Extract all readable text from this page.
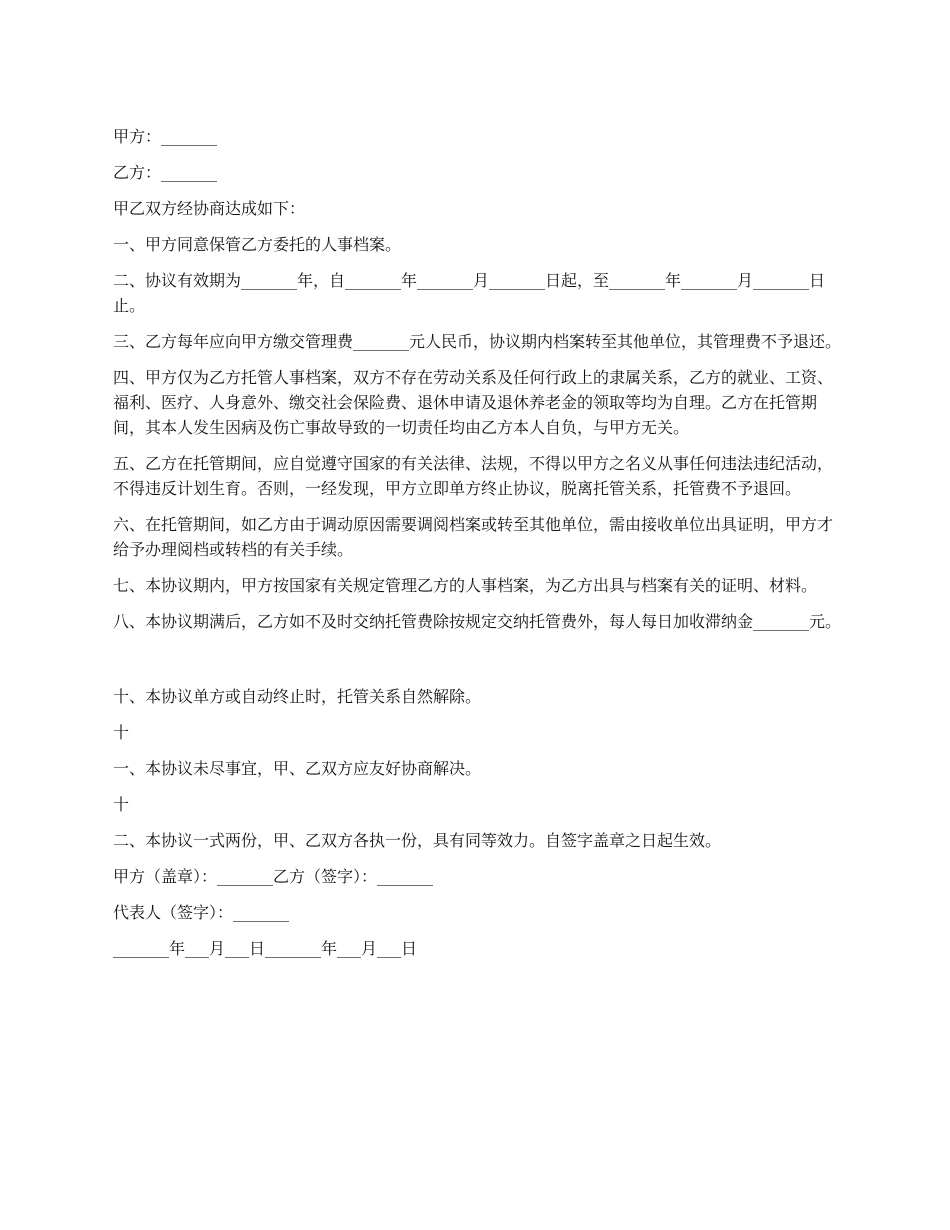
甲方：_______

乙方：_______

甲乙双方经协商达成如下：

一、甲方同意保管乙方委托的人事档案。

二、协议有效期为_______年，自_______年_______月_______日起，至_______年_______月_______日止。

三、乙方每年应向甲方缴交管理费_______元人民币，协议期内档案转至其他单位，其管理费不予退还。

四、甲方仅为乙方托管人事档案，双方不存在劳动关系及任何行政上的隶属关系，乙方的就业、工资、福利、医疗、人身意外、缴交社会保险费、退休申请及退休养老金的领取等均为自理。乙方在托管期间，其本人发生因病及伤亡事故导致的一切责任均由乙方本人自负，与甲方无关。

五、乙方在托管期间，应自觉遵守国家的有关法律、法规，不得以甲方之名义从事任何违法违纪活动，不得违反计划生育。否则，一经发现，甲方立即单方终止协议，脱离托管关系，托管费不予退回。

六、在托管期间，如乙方由于调动原因需要调阅档案或转至其他单位，需由接收单位出具证明，甲方才给予办理阅档或转档的有关手续。

七、本协议期内，甲方按国家有关规定管理乙方的人事档案，为乙方出具与档案有关的证明、材料。

八、本协议期满后，乙方如不及时交纳托管费除按规定交纳托管费外，每人每日加收滞纳金_______元。

十、本协议单方或自动终止时，托管关系自然解除。

十

一、本协议未尽事宜，甲、乙双方应友好协商解决。

十

二、本协议一式两份，甲、乙双方各执一份，具有同等效力。自签字盖章之日起生效。

甲方（盖章）：_______乙方（签字）：_______

代表人（签字）：_______

_______年___月___日_______年___月___日
